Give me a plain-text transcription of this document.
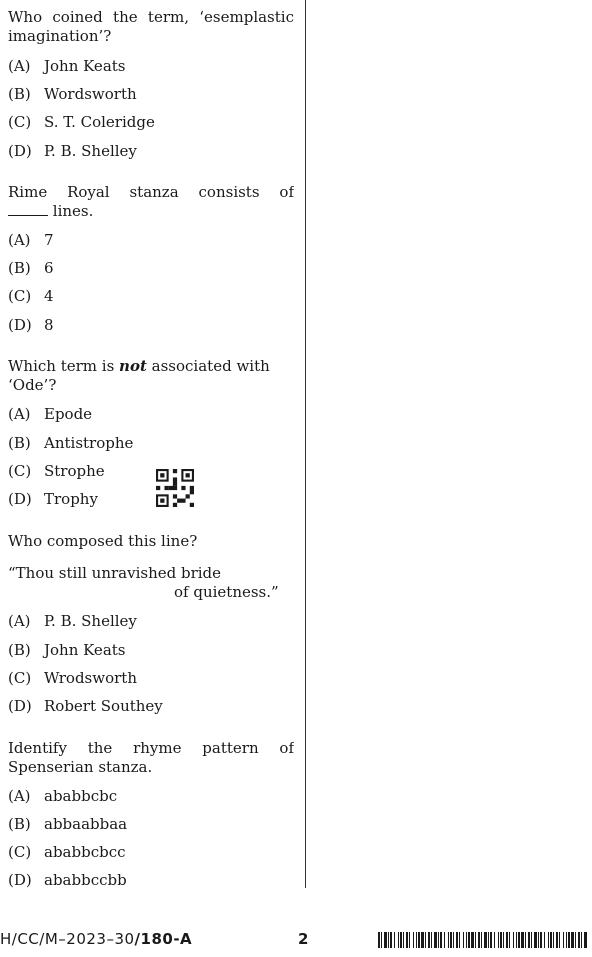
Who coined the term, ‘esemplastic
imagination’?
(A) John Keats
(B) Wordsworth
(C) S. T. Coleridge
(D) P. B. Shelley
Rime Royal stanza consists of
lines.
(A) 7
(B) 6
(C) 4
(D) 8
Which term is not associated with
‘Ode’?
(A) Epode
(B) Antistrophe
(C) Strophe
(D) Trophy
Who composed this line?
“Thou still unravished bride
of quietness.”
(A) P. B. Shelley
(B) John Keats
(C) Wrodsworth
(D) Robert Southey
Identify the rhyme pattern of
Spenserian stanza.
(A) ababbcbc
(B) abbaabbaa
(C) ababbcbcc
(D) ababbccbb
H/CC/M–2023–30/180-A	2
